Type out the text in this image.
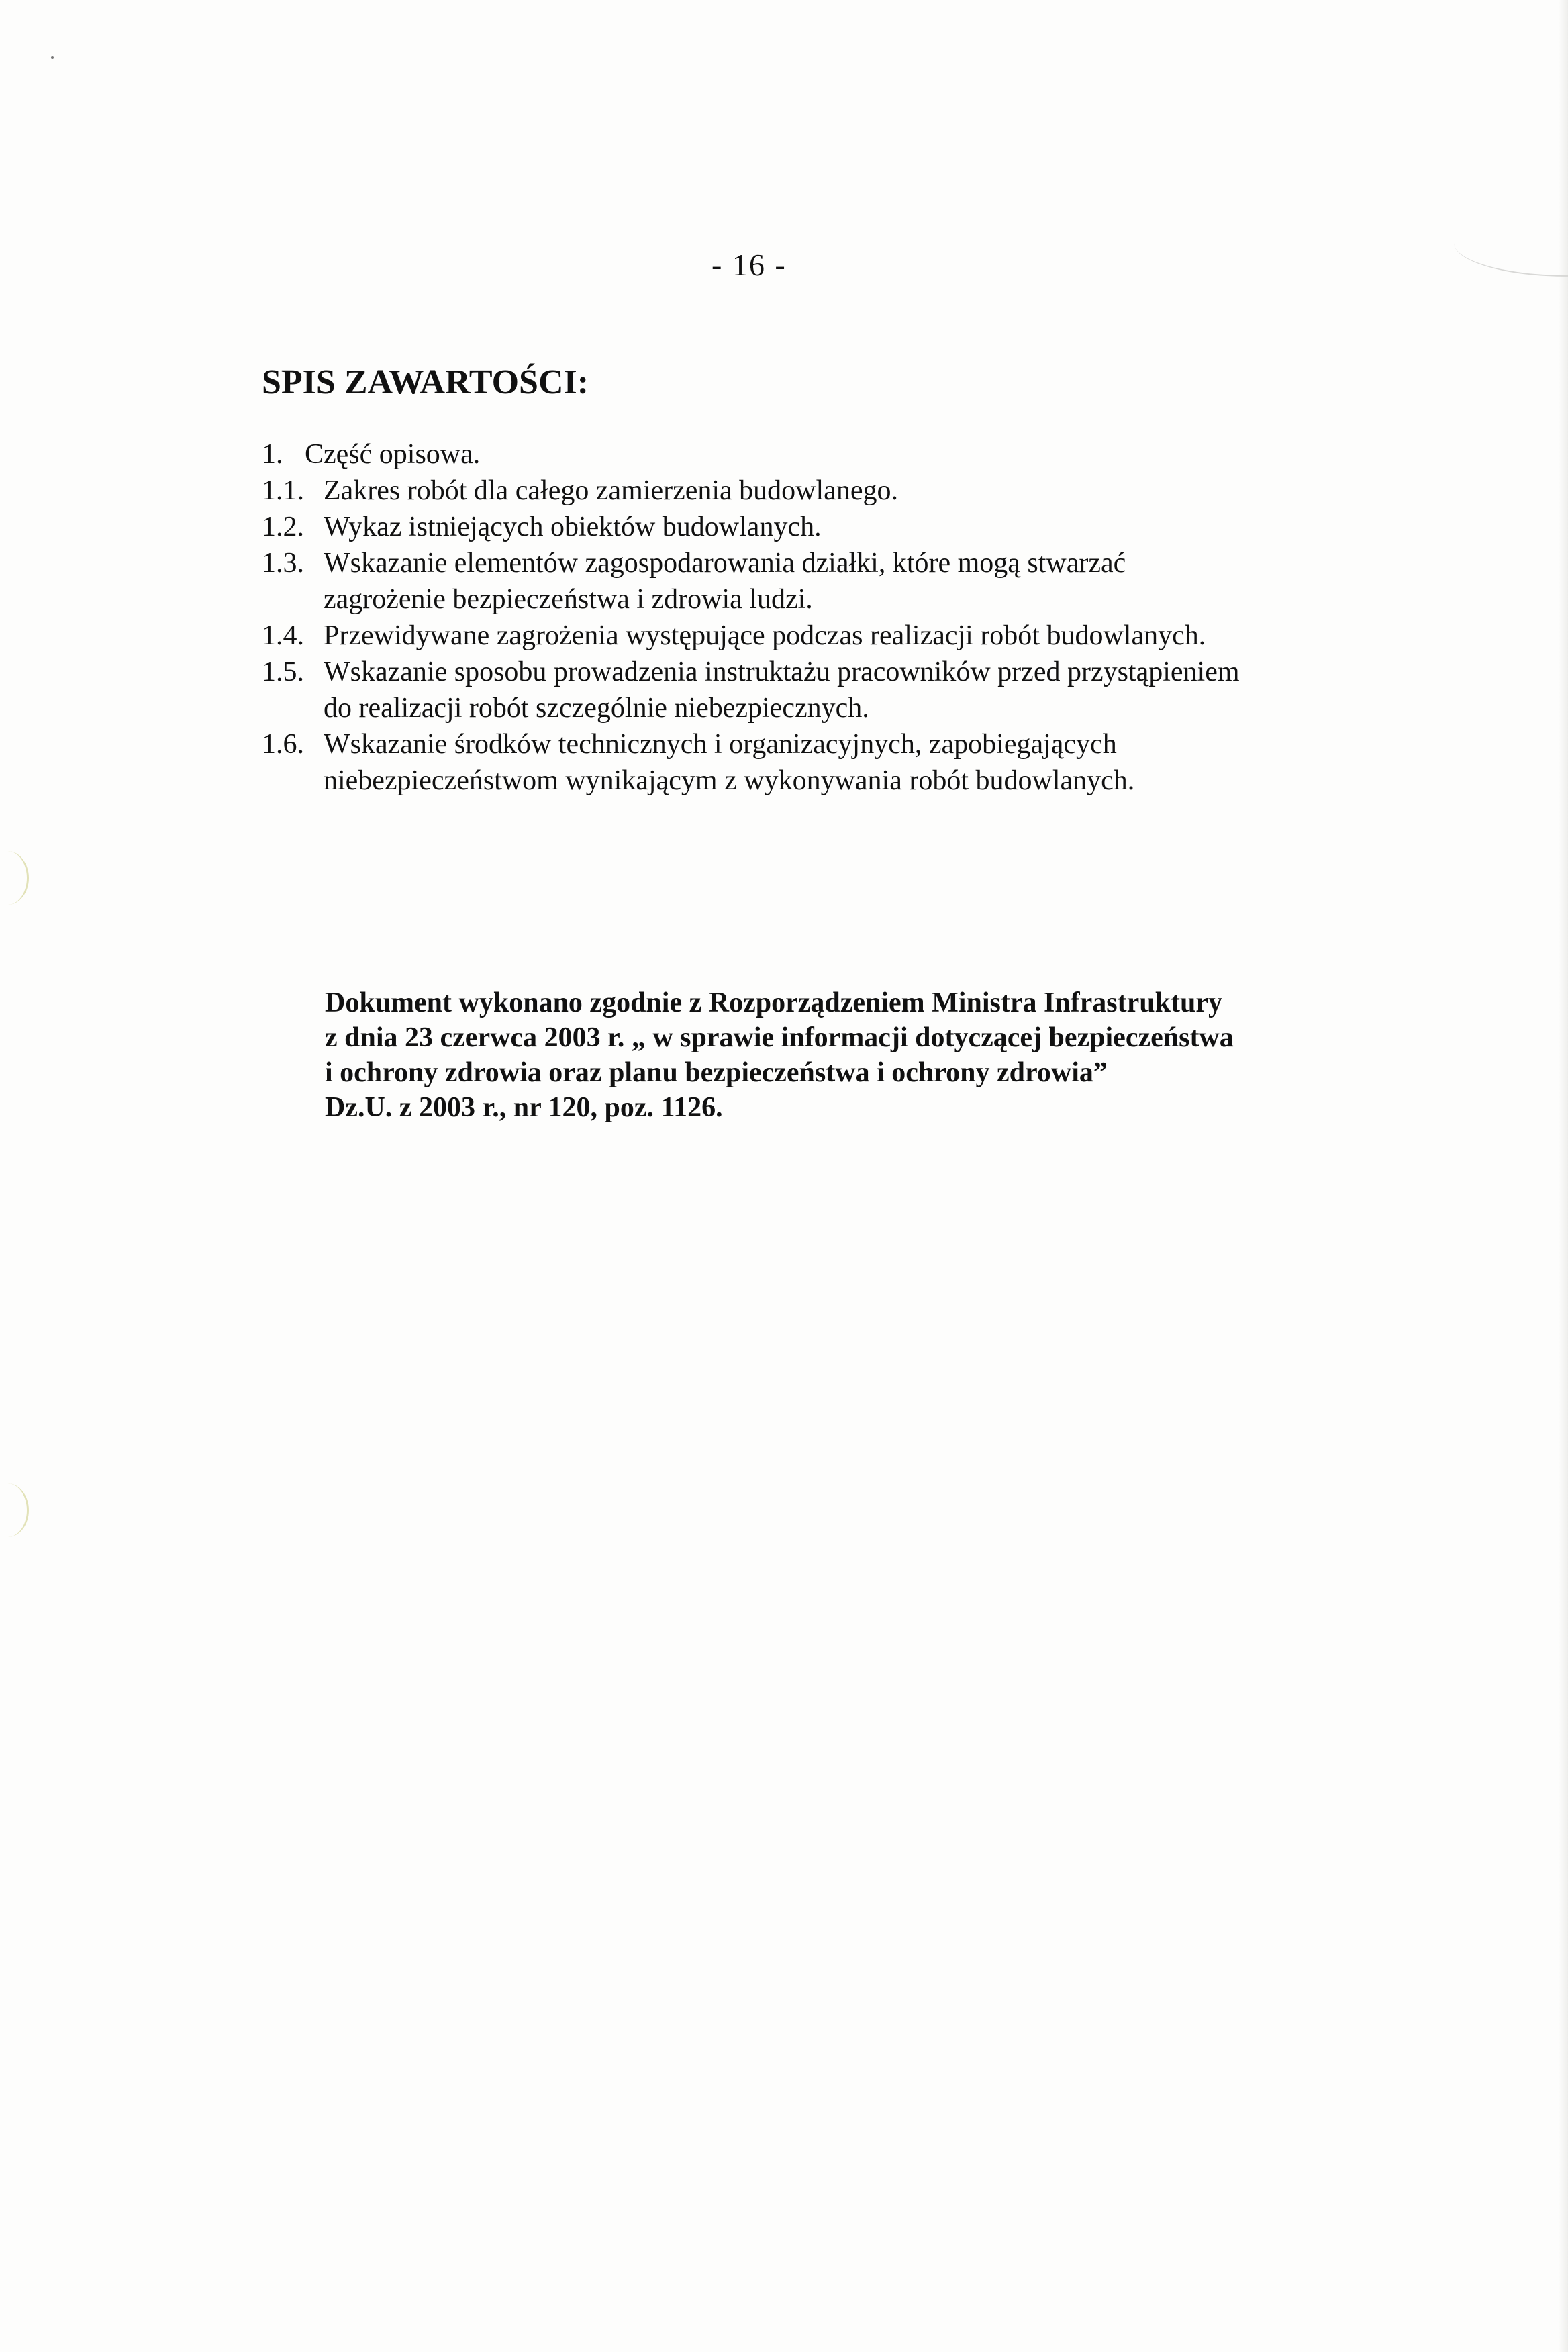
- 16 -
SPIS ZAWARTOŚCI:
1. Część opisowa.
1.1. Zakres robót dla całego zamierzenia budowlanego.
1.2. Wykaz istniejących obiektów budowlanych.
1.3. Wskazanie elementów zagospodarowania działki, które mogą stwarzać
zagrożenie bezpieczeństwa i zdrowia ludzi.
1.4. Przewidywane zagrożenia występujące podczas realizacji robót budowlanych.
1.5. Wskazanie sposobu prowadzenia instruktażu pracowników przed przystąpieniem
do realizacji robót szczególnie niebezpiecznych.
1.6. Wskazanie środków technicznych i organizacyjnych, zapobiegających
niebezpieczeństwom wynikającym z wykonywania robót budowlanych.
Dokument wykonano zgodnie z Rozporządzeniem Ministra Infrastruktury
z dnia 23 czerwca 2003 r. „ w sprawie informacji dotyczącej bezpieczeństwa
i ochrony zdrowia oraz planu bezpieczeństwa i ochrony zdrowia”
Dz.U. z 2003 r., nr 120, poz. 1126.
